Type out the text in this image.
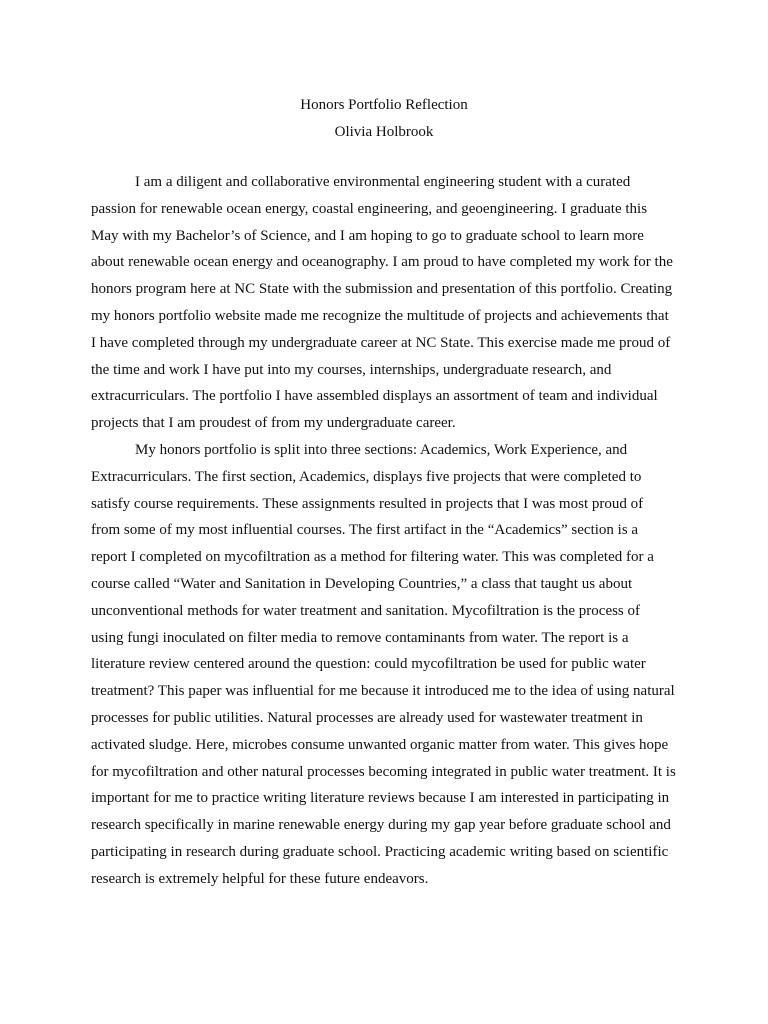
Honors Portfolio Reflection
Olivia Holbrook
I am a diligent and collaborative environmental engineering student with a curated
passion for renewable ocean energy, coastal engineering, and geoengineering. I graduate this
May with my Bachelor’s of Science, and I am hoping to go to graduate school to learn more
about renewable ocean energy and oceanography. I am proud to have completed my work for the
honors program here at NC State with the submission and presentation of this portfolio. Creating
my honors portfolio website made me recognize the multitude of projects and achievements that
I have completed through my undergraduate career at NC State. This exercise made me proud of
the time and work I have put into my courses, internships, undergraduate research, and
extracurriculars. The portfolio I have assembled displays an assortment of team and individual
projects that I am proudest of from my undergraduate career.
My honors portfolio is split into three sections: Academics, Work Experience, and
Extracurriculars. The first section, Academics, displays five projects that were completed to
satisfy course requirements. These assignments resulted in projects that I was most proud of
from some of my most influential courses. The first artifact in the “Academics” section is a
report I completed on mycofiltration as a method for filtering water. This was completed for a
course called “Water and Sanitation in Developing Countries,” a class that taught us about
unconventional methods for water treatment and sanitation. Mycofiltration is the process of
using fungi inoculated on filter media to remove contaminants from water. The report is a
literature review centered around the question: could mycofiltration be used for public water
treatment? This paper was influential for me because it introduced me to the idea of using natural
processes for public utilities. Natural processes are already used for wastewater treatment in
activated sludge. Here, microbes consume unwanted organic matter from water. This gives hope
for mycofiltration and other natural processes becoming integrated in public water treatment. It is
important for me to practice writing literature reviews because I am interested in participating in
research specifically in marine renewable energy during my gap year before graduate school and
participating in research during graduate school. Practicing academic writing based on scientific
research is extremely helpful for these future endeavors.
